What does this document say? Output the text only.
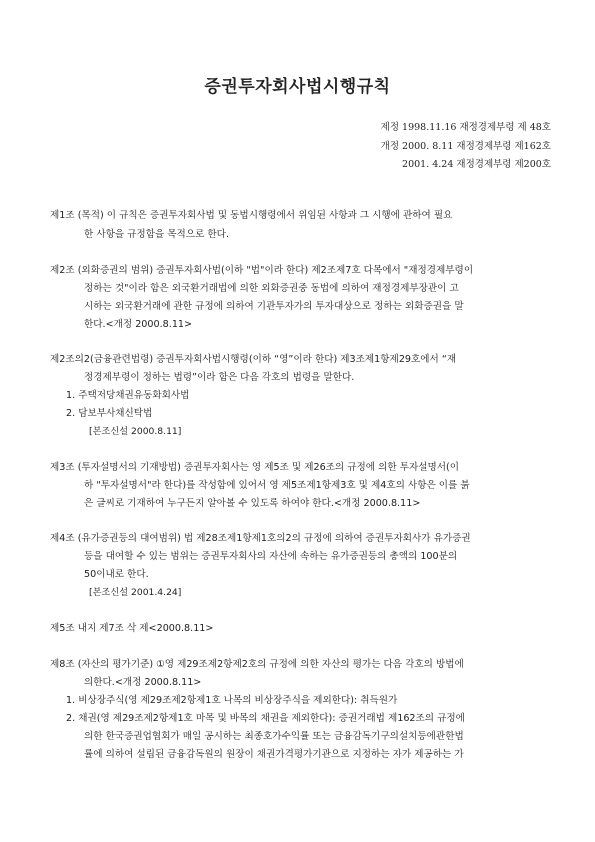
증권투자회사법시행규칙
제정 1998.11.16 재정경제부령 제 48호
개정 2000. 8.11 재정경제부령 제162호
2001. 4.24 재정경제부령 제200호
제1조 (목적) 이 규칙은 증권투자회사법 및 동법시행령에서 위임된 사항과 그 시행에 관하여 필요
한 사항을 규정함을 목적으로 한다.
제2조 (외화증권의 범위) 증권투자회사법(이하 "법"이라 한다) 제2조제7호 다목에서 "재정경제부령이
정하는 것"이라 함은 외국환거래법에 의한 외화증권중 동법에 의하여 재정경제부장관이 고
시하는 외국환거래에 관한 규정에 의하여 기관투자가의 투자대상으로 정하는 외화증권을 말
한다.<개정 2000.8.11>
제2조의2(금융관련법령) 증권투자회사법시행령(이하 “영”이라 한다) 제3조제1항제29호에서 “재
정경제부령이 정하는 법령”이라 함은 다음 각호의 법령을 말한다.
1. 주택저당채권유동화회사법
2. 담보부사채신탁법
[본조신설 2000.8.11]
제3조 (투자설명서의 기재방법) 증권투자회사는 영 제5조 및 제26조의 규정에 의한 투자설명서(이
하 "투자설명서"라 한다)를 작성함에 있어서 영 제5조제1항제3호 및 제4호의 사항은 이를 붉
은 글씨로 기재하여 누구든지 알아볼 수 있도록 하여야 한다.<개정 2000.8.11>
제4조 (유가증권등의 대여범위) 법 제28조제1항제1호의2의 규정에 의하여 증권투자회사가 유가증권
등을 대여할 수 있는 범위는 증권투자회사의 자산에 속하는 유가증권등의 총액의 100분의
50이내로 한다.
[본조신설 2001.4.24]
제5조 내지 제7조 삭 제<2000.8.11>
제8조 (자산의 평가기준) ①영 제29조제2항제2호의 규정에 의한 자산의 평가는 다음 각호의 방법에
의한다.<개정 2000.8.11>
1. 비상장주식(영 제29조제2항제1호 나목의 비상장주식을 제외한다): 취득원가
2. 채권(영 제29조제2항제1호 마목 및 바목의 채권을 제외한다): 증권거래법 제162조의 규정에
의한 한국증권업협회가 매일 공시하는 최종호가수익률 또는 금융감독기구의설치등에관한법
률에 의하여 설립된 금융감독원의 원장이 채권가격평가기관으로 지정하는 자가 제공하는 가
